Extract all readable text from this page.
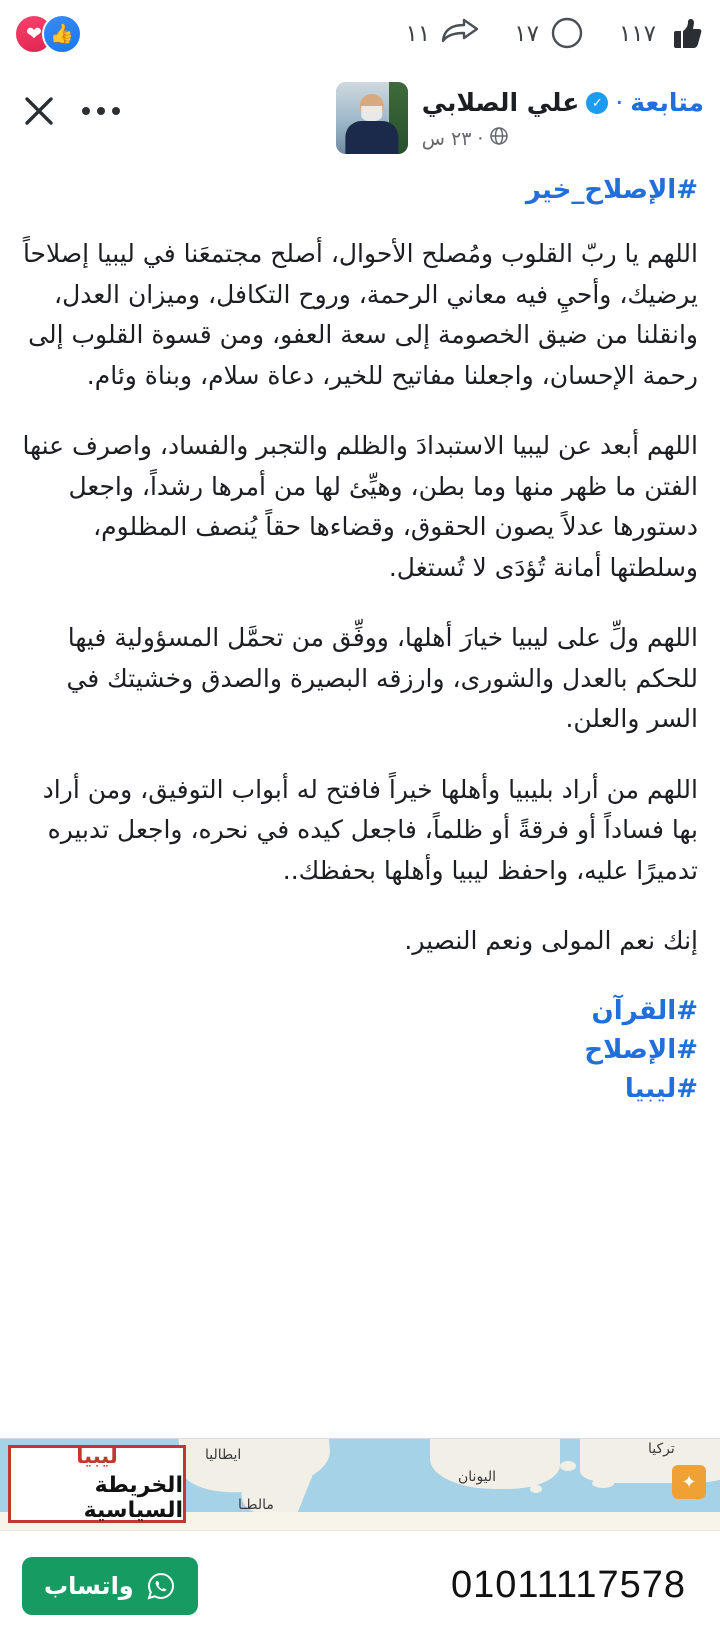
❤ 👍	١١	١٧	١١٧
متابعة
·
✓
علي الصلابي
·
٢٣ س
#الإصلاح_خير

اللهم يا ربّ القلوب ومُصلح الأحوال، أصلح مجتمعَنا في ليبيا إصلاحاً يرضيك، وأحيِ فيه معاني الرحمة، وروح التكافل، وميزان العدل، وانقلنا من ضيق الخصومة إلى سعة العفو، ومن قسوة القلوب إلى رحمة الإحسان، واجعلنا مفاتيح للخير، دعاة سلام، وبناة وئام.

اللهم أبعد عن ليبيا الاستبدادَ والظلم والتجبر والفساد، واصرف عنها الفتن ما ظهر منها وما بطن، وهيِّئ لها من أمرها رشداً، واجعل دستورها عدلاً يصون الحقوق، وقضاءها حقاً يُنصف المظلوم، وسلطتها أمانة تُؤدَى لا تُستغل.

اللهم ولِّ على ليبيا خيارَ أهلها، ووفِّق من تحمَّل المسؤولية فيها للحكم بالعدل والشورى، وارزقه البصيرة والصدق وخشيتك في السر والعلن.

اللهم من أراد بليبيا وأهلها خيراً فافتح له أبواب التوفيق، ومن أراد بها فساداً أو فرقةً أو ظلماً، فاجعل كيده في نحره، واجعل تدبيره تدميرًا عليه، واحفظ ليبيا وأهلها بحفظك..

إنك نعم المولى ونعم النصير.

#القرآن
#الإصلاح
#ليبيا
ايطاليا
مالطـا
اليونان
تركيا
✦
ليبيا
الخريطة السياسية
واتساب	01011117578
